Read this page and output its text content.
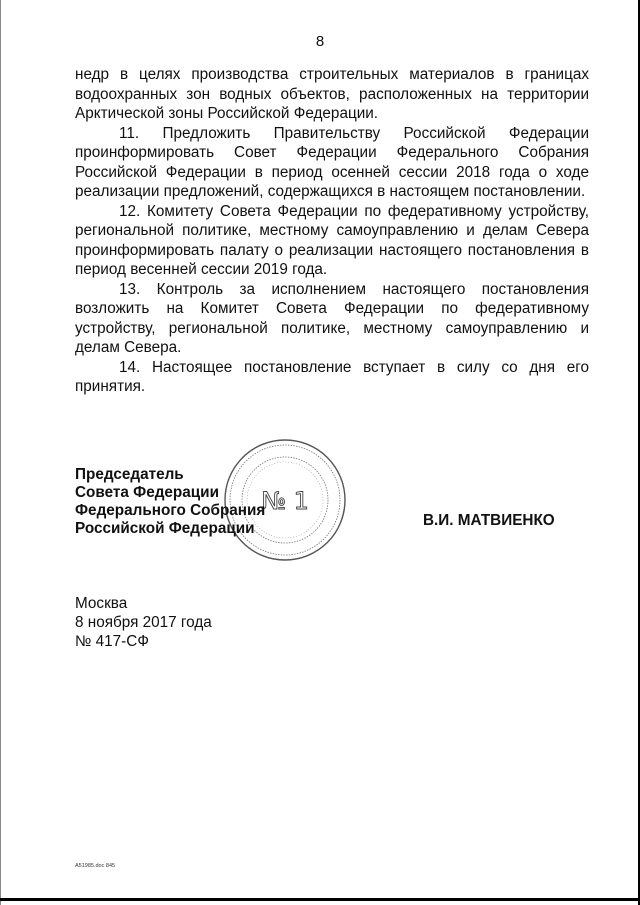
8

недр в целях производства строительных материалов в границах водоохранных зон водных объектов, расположенных на территории Арктической зоны Российской Федерации.

11. Предложить Правительству Российской Федерации проинформировать Совет Федерации Федерального Собрания Российской Федерации в период осенней сессии 2018 года о ходе реализации предложений, содержащихся в настоящем постановлении.

12. Комитету Совета Федерации по федеративному устройству, региональной политике, местному самоуправлению и делам Севера проинформировать палату о реализации настоящего постановления в период весенней сессии 2019 года.

13. Контроль за исполнением настоящего постановления возложить на Комитет Совета Федерации по федеративному устройству, региональной политике, местному самоуправлению и делам Севера.

14. Настоящее постановление вступает в силу со дня его принятия.

№ 1
Председатель
Совета Федерации
Федерального Собрания
Российской Федерации	В.И. МАТВИЕНКО
Москва
8 ноября 2017 года
№ 417-СФ
А51985.doc 845
